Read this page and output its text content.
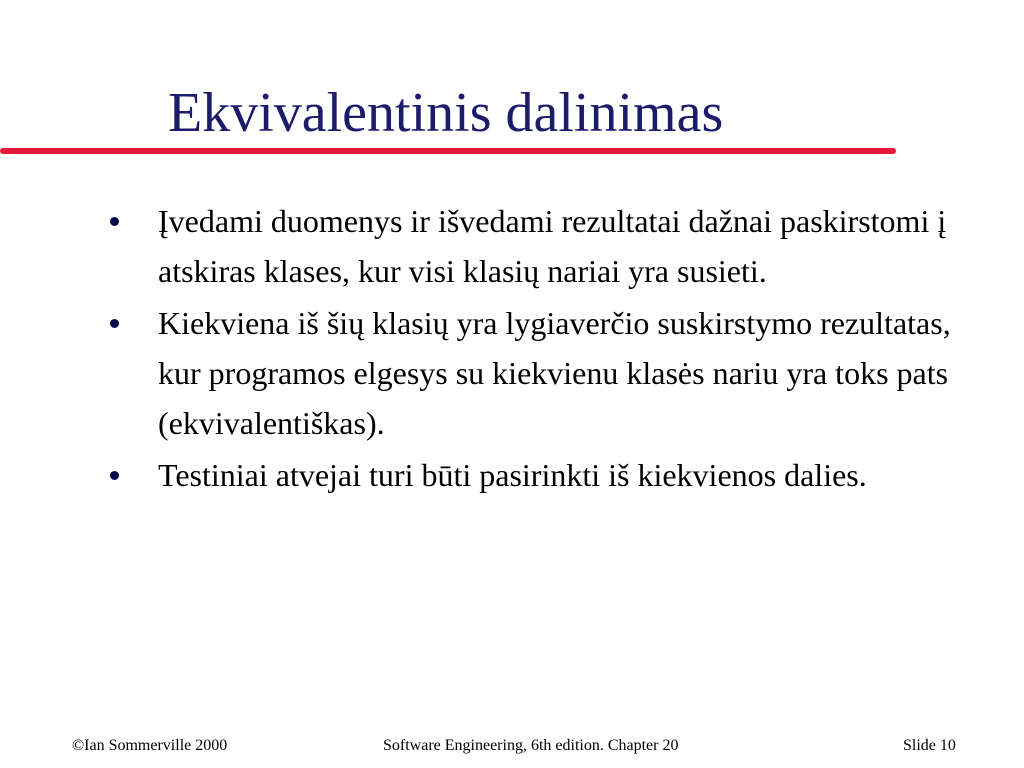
Ekvivalentinis dalinimas
Įvedami duomenys ir išvedami rezultatai dažnai paskirstomi į atskiras klases, kur visi klasių nariai yra susieti.
Kiekviena iš šių klasių yra lygiaverčio suskirstymo rezultatas, kur programos elgesys su kiekvienu klasės nariu yra toks pats (ekvivalentiškas).
Testiniai atvejai turi būti pasirinkti iš kiekvienos dalies.
©Ian Sommerville 2000	Software Engineering, 6th edition. Chapter 20	Slide 10
